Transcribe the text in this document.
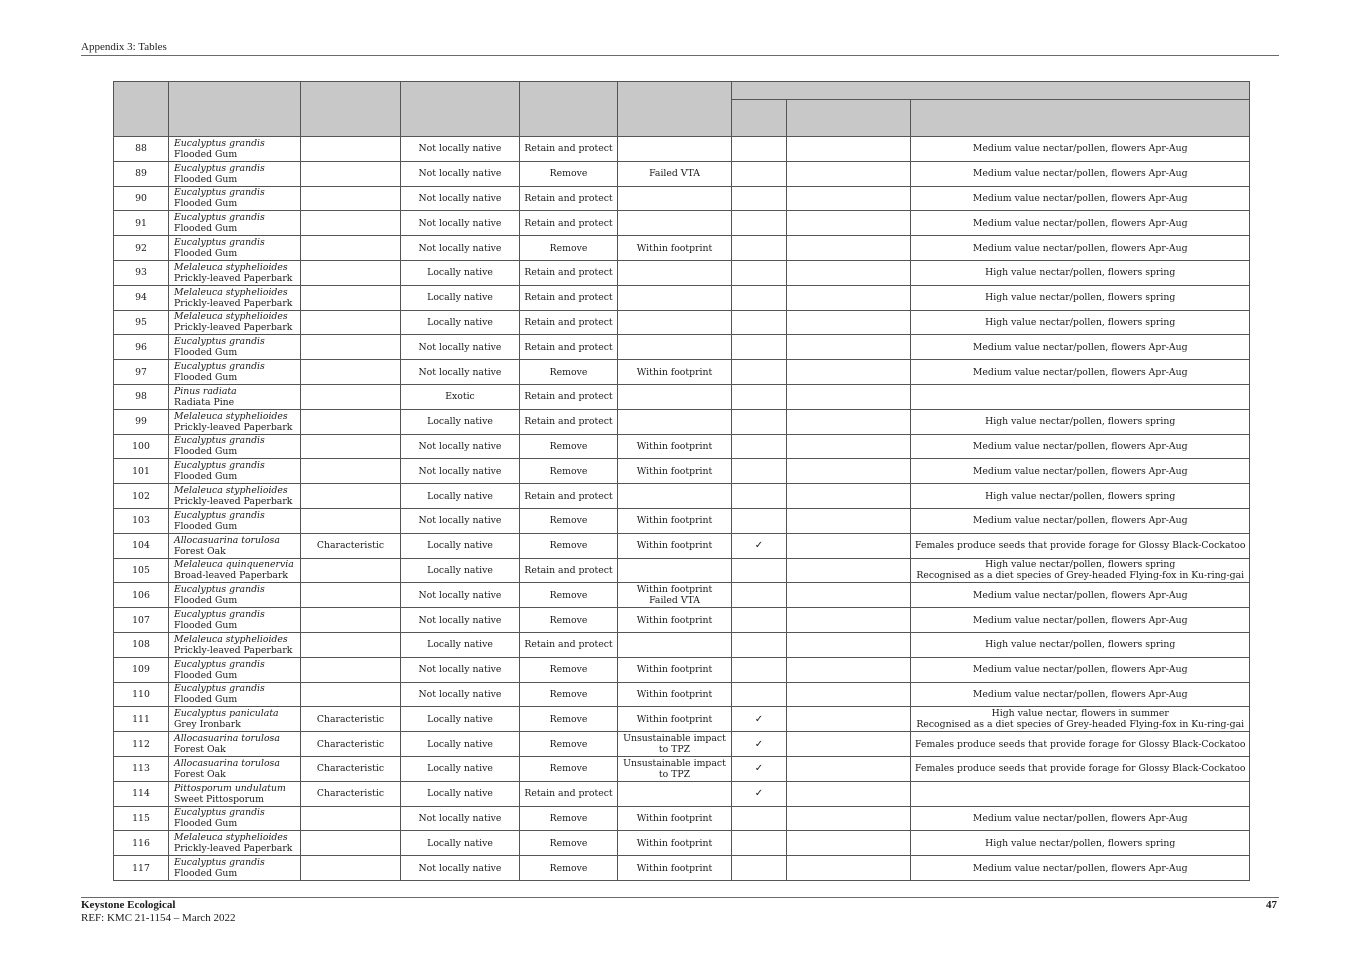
Appendix 3: Tables

88	Eucalyptus grandis
Flooded Gum		Not locally native	Retain and protect				Medium value nectar/pollen, flowers Apr-Aug

89	Eucalyptus grandis
Flooded Gum		Not locally native	Remove	Failed VTA			Medium value nectar/pollen, flowers Apr-Aug

90	Eucalyptus grandis
Flooded Gum		Not locally native	Retain and protect				Medium value nectar/pollen, flowers Apr-Aug

91	Eucalyptus grandis
Flooded Gum		Not locally native	Retain and protect				Medium value nectar/pollen, flowers Apr-Aug

92	Eucalyptus grandis
Flooded Gum		Not locally native	Remove	Within footprint			Medium value nectar/pollen, flowers Apr-Aug

93	Melaleuca styphelioides
Prickly-leaved Paperbark		Locally native	Retain and protect				High value nectar/pollen, flowers spring

94	Melaleuca styphelioides
Prickly-leaved Paperbark		Locally native	Retain and protect				High value nectar/pollen, flowers spring

95	Melaleuca styphelioides
Prickly-leaved Paperbark		Locally native	Retain and protect				High value nectar/pollen, flowers spring

96	Eucalyptus grandis
Flooded Gum		Not locally native	Retain and protect				Medium value nectar/pollen, flowers Apr-Aug

97	Eucalyptus grandis
Flooded Gum		Not locally native	Remove	Within footprint			Medium value nectar/pollen, flowers Apr-Aug

98	Pinus radiata
Radiata Pine		Exotic	Retain and protect				
99	Melaleuca styphelioides
Prickly-leaved Paperbark		Locally native	Retain and protect				High value nectar/pollen, flowers spring

100	Eucalyptus grandis
Flooded Gum		Not locally native	Remove	Within footprint			Medium value nectar/pollen, flowers Apr-Aug

101	Eucalyptus grandis
Flooded Gum		Not locally native	Remove	Within footprint			Medium value nectar/pollen, flowers Apr-Aug

102	Melaleuca styphelioides
Prickly-leaved Paperbark		Locally native	Retain and protect				High value nectar/pollen, flowers spring

103	Eucalyptus grandis
Flooded Gum		Not locally native	Remove	Within footprint			Medium value nectar/pollen, flowers Apr-Aug

104	Allocasuarina torulosa
Forest Oak	Characteristic	Locally native	Remove	Within footprint	✓		Females produce seeds that provide forage for Glossy Black-Cockatoo

105	Melaleuca quinquenervia
Broad-leaved Paperbark		Locally native	Retain and protect				High value nectar/pollen, flowers spring
Recognised as a diet species of Grey-headed Flying-fox in Ku-ring-gai

106	Eucalyptus grandis
Flooded Gum		Not locally native	Remove	Within footprint
Failed VTA			Medium value nectar/pollen, flowers Apr-Aug

107	Eucalyptus grandis
Flooded Gum		Not locally native	Remove	Within footprint			Medium value nectar/pollen, flowers Apr-Aug

108	Melaleuca styphelioides
Prickly-leaved Paperbark		Locally native	Retain and protect				High value nectar/pollen, flowers spring

109	Eucalyptus grandis
Flooded Gum		Not locally native	Remove	Within footprint			Medium value nectar/pollen, flowers Apr-Aug

110	Eucalyptus grandis
Flooded Gum		Not locally native	Remove	Within footprint			Medium value nectar/pollen, flowers Apr-Aug

111	Eucalyptus paniculata
Grey Ironbark	Characteristic	Locally native	Remove	Within footprint	✓		High value nectar, flowers in summer
Recognised as a diet species of Grey-headed Flying-fox in Ku-ring-gai

112	Allocasuarina torulosa
Forest Oak	Characteristic	Locally native	Remove	Unsustainable impact
to TPZ	✓		Females produce seeds that provide forage for Glossy Black-Cockatoo

113	Allocasuarina torulosa
Forest Oak	Characteristic	Locally native	Remove	Unsustainable impact
to TPZ	✓		Females produce seeds that provide forage for Glossy Black-Cockatoo

114	Pittosporum undulatum
Sweet Pittosporum	Characteristic	Locally native	Retain and protect		✓		
115	Eucalyptus grandis
Flooded Gum		Not locally native	Remove	Within footprint			Medium value nectar/pollen, flowers Apr-Aug

116	Melaleuca styphelioides
Prickly-leaved Paperbark		Locally native	Remove	Within footprint			High value nectar/pollen, flowers spring

117	Eucalyptus grandis
Flooded Gum		Not locally native	Remove	Within footprint			Medium value nectar/pollen, flowers Apr-Aug
Keystone Ecological
REF: KMC 21-1154 – March 2022
47
